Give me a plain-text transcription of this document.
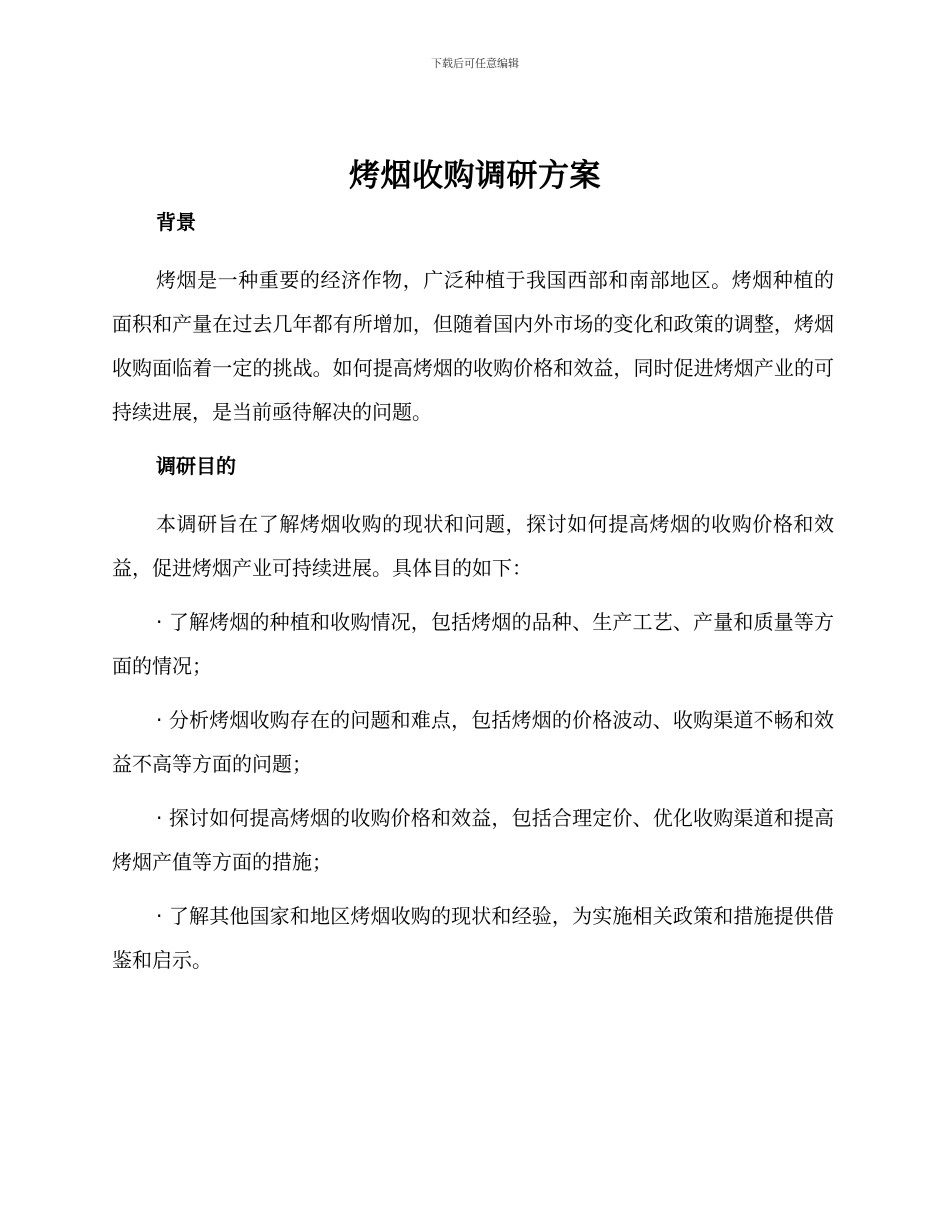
下载后可任意编辑
烤烟收购调研方案

背景

烤烟是一种重要的经济作物，广泛种植于我国西部和南部地区。烤烟种植的面积和产量在过去几年都有所增加，但随着国内外市场的变化和政策的调整，烤烟收购面临着一定的挑战。如何提高烤烟的收购价格和效益，同时促进烤烟产业的可持续进展，是当前亟待解决的问题。

调研目的

本调研旨在了解烤烟收购的现状和问题，探讨如何提高烤烟的收购价格和效益，促进烤烟产业可持续进展。具体目的如下：

· 了解烤烟的种植和收购情况，包括烤烟的品种、生产工艺、产量和质量等方面的情况；

· 分析烤烟收购存在的问题和难点，包括烤烟的价格波动、收购渠道不畅和效益不高等方面的问题；

· 探讨如何提高烤烟的收购价格和效益，包括合理定价、优化收购渠道和提高烤烟产值等方面的措施；

· 了解其他国家和地区烤烟收购的现状和经验，为实施相关政策和措施提供借鉴和启示。
